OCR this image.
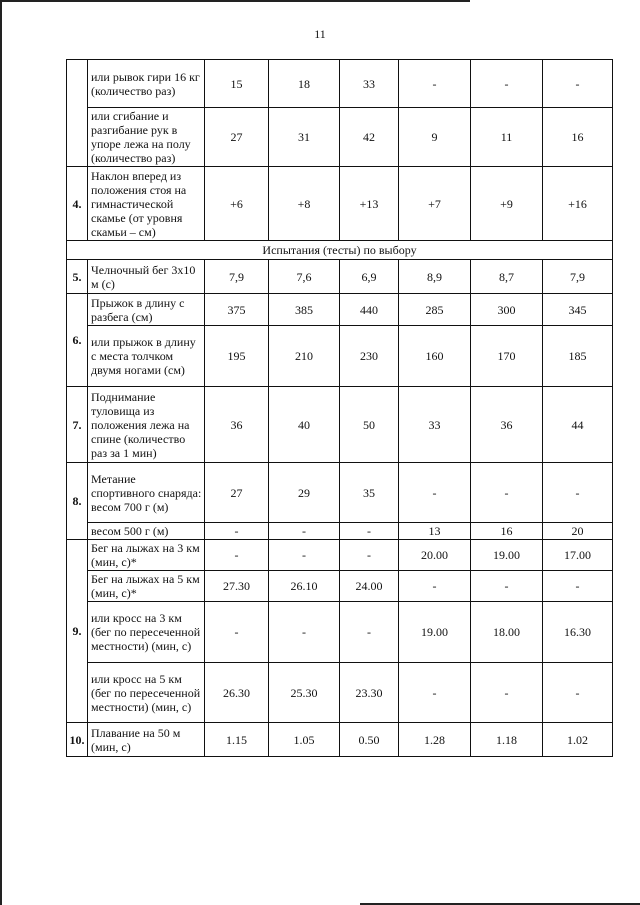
11
	или рывок гири 16 кг (количество раз)	15	18	33	-	-	-
	или сгибание и разгибание рук в упоре лежа на полу (количество раз)	27	31	42	9	11	16
4.	Наклон вперед из положения стоя на гимнастической скамье (от уровня скамьи – см)	+6	+8	+13	+7	+9	+16
Испытания (тесты) по выбору							
5.	Челночный бег 3х10 м (с)	7,9	7,6	6,9	8,9	8,7	7,9
6.	Прыжок в длину с разбега (см)	375	385	440	285	300	345
	или прыжок в длину с места толчком двумя ногами (см)	195	210	230	160	170	185
7.	Поднимание туловища из положения лежа на спине (количество раз за 1 мин)	36	40	50	33	36	44
8.	Метание спортивного снаряда: весом 700 г (м)	27	29	35	-	-	-
	весом 500 г (м)	-	-	-	13	16	20
9.	Бег на лыжах на 3 км (мин, с)*	-	-	-	20.00	19.00	17.00
	Бег на лыжах на 5 км (мин, с)*	27.30	26.10	24.00	-	-	-
	или кросс на 3 км (бег по пересеченной местности) (мин, с)	-	-	-	19.00	18.00	16.30
	или кросс на 5 км (бег по пересеченной местности) (мин, с)	26.30	25.30	23.30	-	-	-
10.	Плавание на 50 м (мин, с)	1.15	1.05	0.50	1.28	1.18	1.02
